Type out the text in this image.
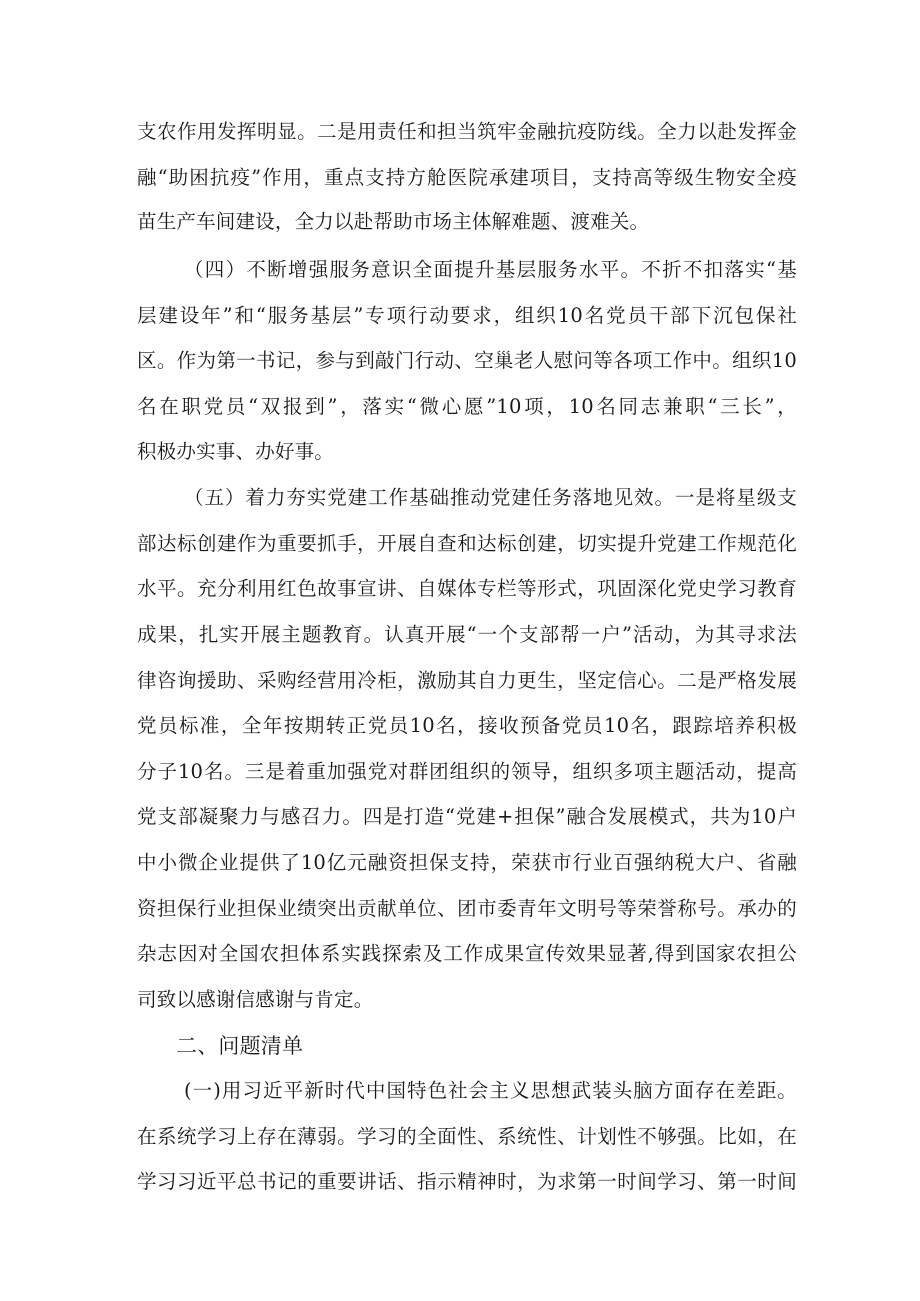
支农作用发挥明显。二是用责任和担当筑牢金融抗疫防线。全力以赴发挥金
融“助困抗疫”作用，重点支持方舱医院承建项目，支持高等级生物安全疫
苗生产车间建设，全力以赴帮助市场主体解难题、渡难关。
（四）不断增强服务意识全面提升基层服务水平。不折不扣落实“基
层建设年”和“服务基层”专项行动要求，组织10名党员干部下沉包保社
区。作为第一书记，参与到敲门行动、空巢老人慰问等各项工作中。组织10
名在职党员“双报到”，落实“微心愿”10项，10名同志兼职“三长”，
积极办实事、办好事。
（五）着力夯实党建工作基础推动党建任务落地见效。一是将星级支
部达标创建作为重要抓手，开展自查和达标创建，切实提升党建工作规范化
水平。充分利用红色故事宣讲、自媒体专栏等形式，巩固深化党史学习教育
成果，扎实开展主题教育。认真开展“一个支部帮一户”活动，为其寻求法
律咨询援助、采购经营用冷柜，激励其自力更生，坚定信心。二是严格发展
党员标准，全年按期转正党员10名，接收预备党员10名，跟踪培养积极
分子10名。三是着重加强党对群团组织的领导，组织多项主题活动，提高
党支部凝聚力与感召力。四是打造“党建+担保”融合发展模式，共为10户
中小微企业提供了10亿元融资担保支持，荣获市行业百强纳税大户、省融
资担保行业担保业绩突出贡献单位、团市委青年文明号等荣誉称号。承办的
杂志因对全国农担体系实践探索及工作成果宣传效果显著,得到国家农担公
司致以感谢信感谢与肯定。
二、问题清单
(一)用习近平新时代中国特色社会主义思想武装头脑方面存在差距。
在系统学习上存在薄弱。学习的全面性、系统性、计划性不够强。比如，在
学习习近平总书记的重要讲话、指示精神时，为求第一时间学习、第一时间
